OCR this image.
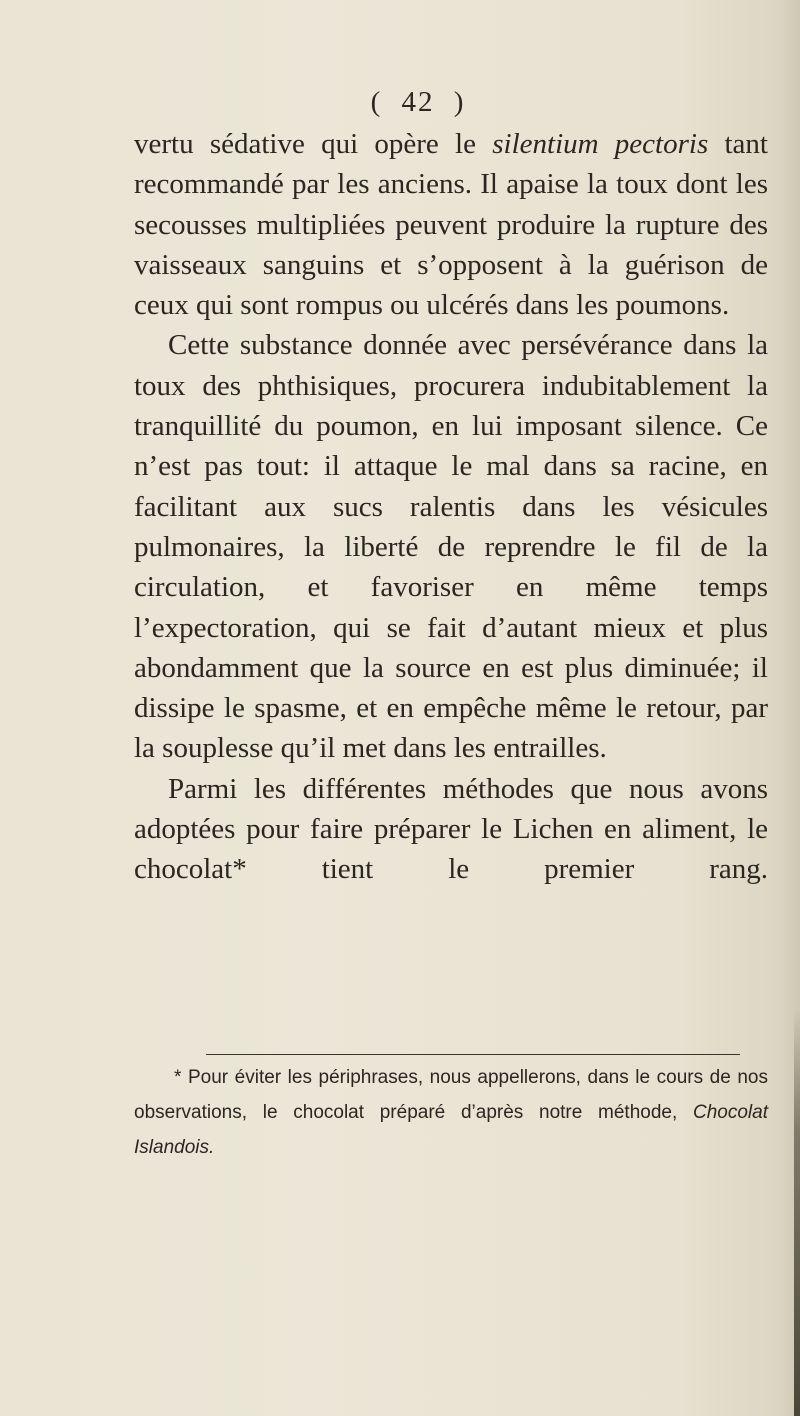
( 42 )

vertu sédative qui opère le silentium pectoris tant recommandé par les anciens. Il apaise la toux dont les secousses multipliées peuvent produire la rupture des vaisseaux sanguins et s’opposent à la guérison de ceux qui sont rompus ou ulcérés dans les poumons.

Cette substance donnée avec persévérance dans la toux des phthisiques, procurera indubitablement la tranquillité du poumon, en lui imposant silence. Ce n’est pas tout: il attaque le mal dans sa racine, en facilitant aux sucs ralentis dans les vésicules pulmonaires, la liberté de reprendre le fil de la circulation, et favoriser en même temps l’expectoration, qui se fait d’autant mieux et plus abondamment que la source en est plus diminuée; il dissipe le spasme, et en empêche même le retour, par la souplesse qu’il met dans les entrailles.

Parmi les différentes méthodes que nous avons adoptées pour faire préparer le Lichen en aliment, le chocolat* tient le premier rang.

* Pour éviter les périphrases, nous appellerons, dans le cours de nos observations, le chocolat préparé d’après notre méthode, Chocolat Islandois.
